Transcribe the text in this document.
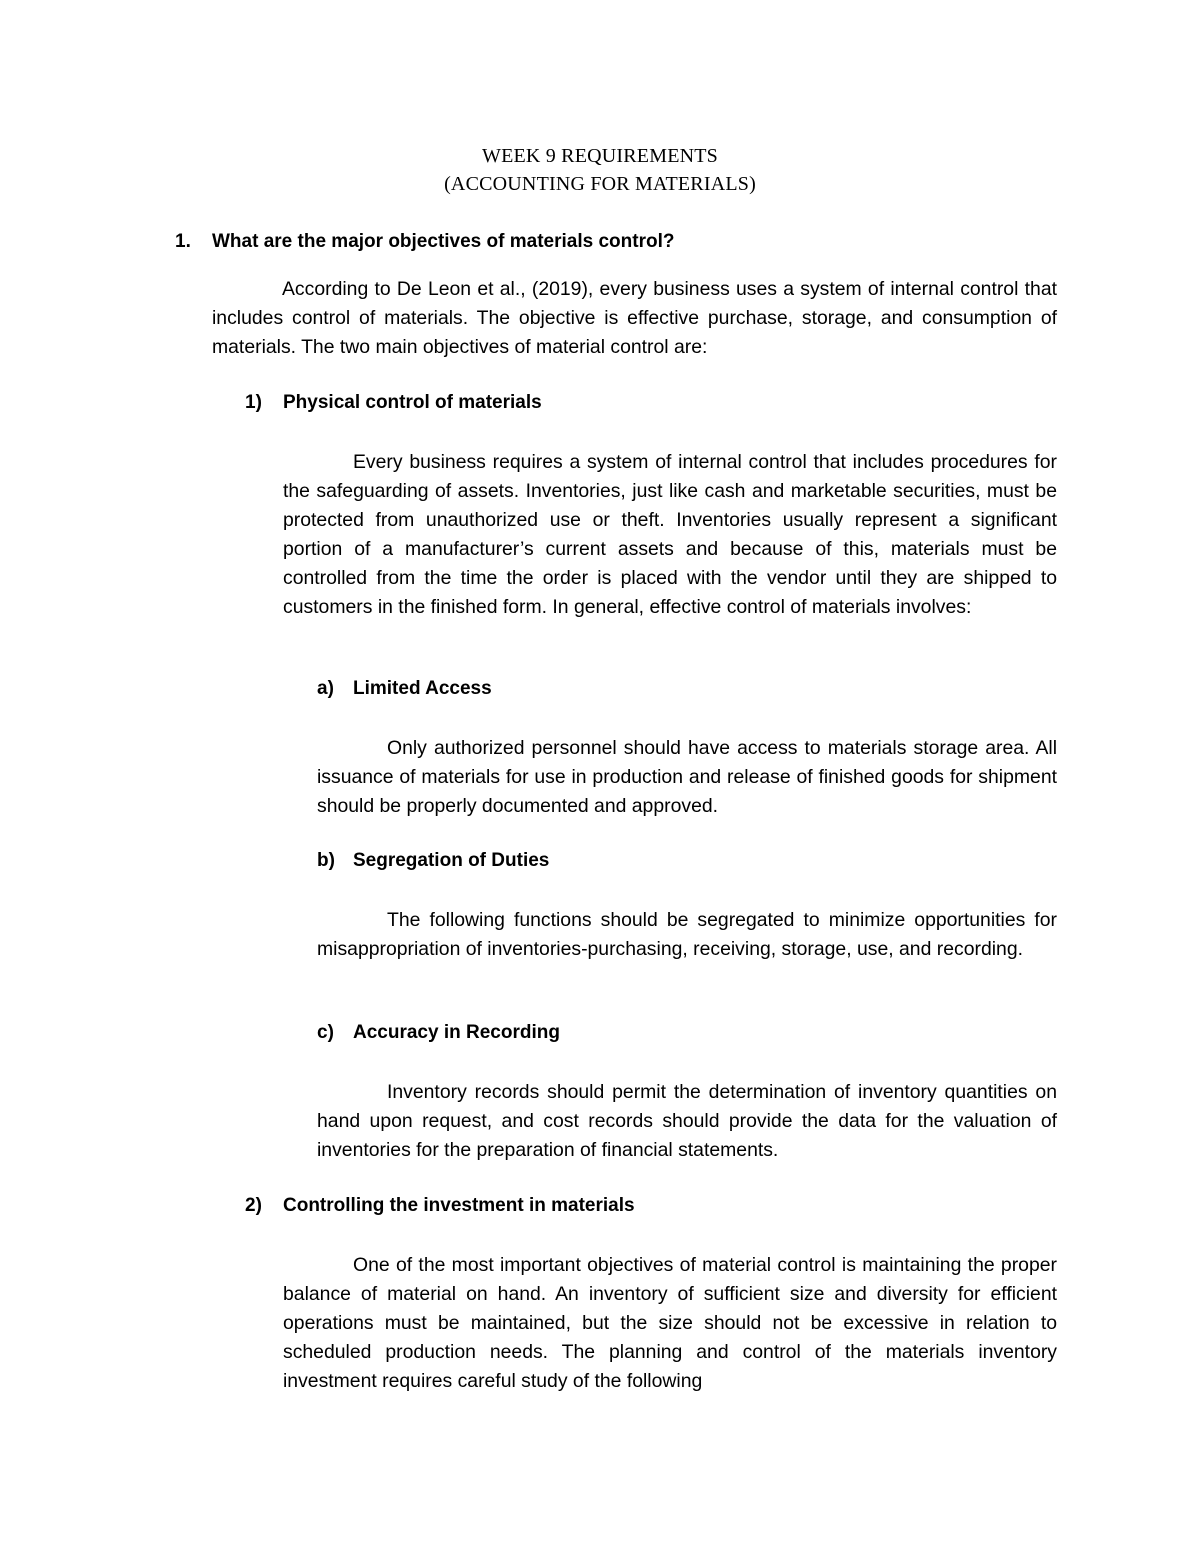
WEEK 9 REQUIREMENTS
(ACCOUNTING FOR MATERIALS)
1. What are the major objectives of materials control?
According to De Leon et al., (2019), every business uses a system of internal control that includes control of materials. The objective is effective purchase, storage, and consumption of materials. The two main objectives of material control are:
1) Physical control of materials
Every business requires a system of internal control that includes procedures for the safeguarding of assets. Inventories, just like cash and marketable securities, must be protected from unauthorized use or theft. Inventories usually represent a significant portion of a manufacturer’s current assets and because of this, materials must be controlled from the time the order is placed with the vendor until they are shipped to customers in the finished form. In general, effective control of materials involves:
a) Limited Access
Only authorized personnel should have access to materials storage area. All issuance of materials for use in production and release of finished goods for shipment should be properly documented and approved.
b) Segregation of Duties
The following functions should be segregated to minimize opportunities for misappropriation of inventories-purchasing, receiving, storage, use, and recording.
c) Accuracy in Recording
Inventory records should permit the determination of inventory quantities on hand upon request, and cost records should provide the data for the valuation of inventories for the preparation of financial statements.
2) Controlling the investment in materials
One of the most important objectives of material control is maintaining the proper balance of material on hand. An inventory of sufficient size and diversity for efficient operations must be maintained, but the size should not be excessive in relation to scheduled production needs. The planning and control of the materials inventory investment requires careful study of the following
